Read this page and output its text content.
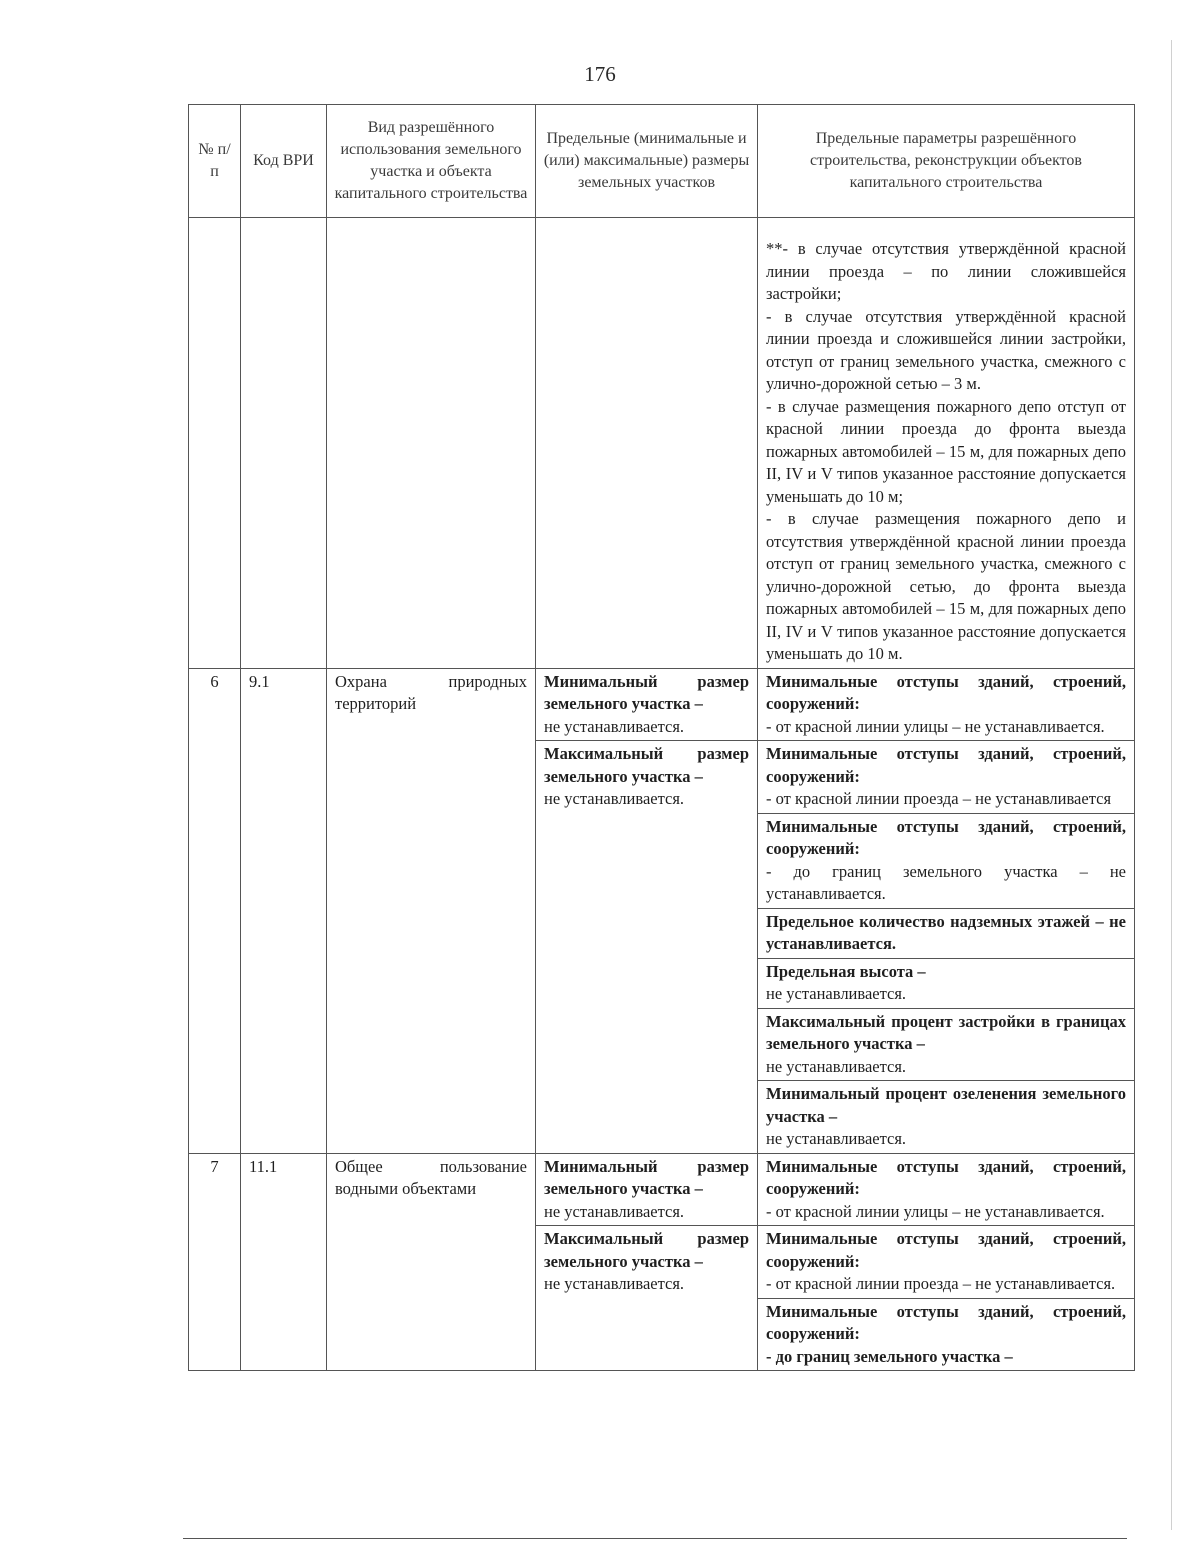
176
№ п/п	Код ВРИ	Вид разрешённого использования земельного участка и объекта капитального строительства	Предельные (минимальные и (или) максимальные) размеры земельных участков	Предельные параметры разрешённого строительства, реконструкции объектов капитального строительства

				**- в случае отсутствия утверждённой красной линии проезда – по линии сложившейся застройки;
- в случае отсутствия утверждённой красной линии проезда и сложившейся линии застройки, отступ от границ земельного участка, смежного с улично-дорожной сетью – 3 м.
- в случае размещения пожарного депо отступ от красной линии проезда до фронта выезда пожарных автомобилей – 15 м, для пожарных депо II, IV и V типов указанное расстояние допускается уменьшать до 10 м;
- в случае размещения пожарного депо и отсутствия утверждённой красной линии проезда отступ от границ земельного участка, смежного с улично-дорожной сетью, до фронта выезда пожарных автомобилей – 15 м, для пожарных депо II, IV и V типов указанное расстояние допускается уменьшать до 10 м.

6	9.1	Охрана природных территорий	Минимальный размер земельного участка –
не устанавливается.	Минимальные отступы зданий, строений, сооружений:
- от красной линии улицы – не устанавливается.
			Максимальный размер земельного участка –
не устанавливается.	Минимальные отступы зданий, строений, сооружений:
- от красной линии проезда – не устанавливается
				Минимальные отступы зданий, строений, сооружений:
- до границ земельного участка – не устанавливается.
				Предельное количество надземных этажей – не устанавливается.
				Предельная высота –
не устанавливается.
				Максимальный процент застройки в границах земельного участка –
не устанавливается.
				Минимальный процент озеленения земельного участка –
не устанавливается.
7	11.1	Общее пользование водными объектами	Минимальный размер земельного участка –
не устанавливается.	Минимальные отступы зданий, строений, сооружений:
- от красной линии улицы – не устанавливается.
			Максимальный размер земельного участка –
не устанавливается.	Минимальные отступы зданий, строений, сооружений:
- от красной линии проезда – не устанавливается.
				Минимальные отступы зданий, строений, сооружений:
- до границ земельного участка –
